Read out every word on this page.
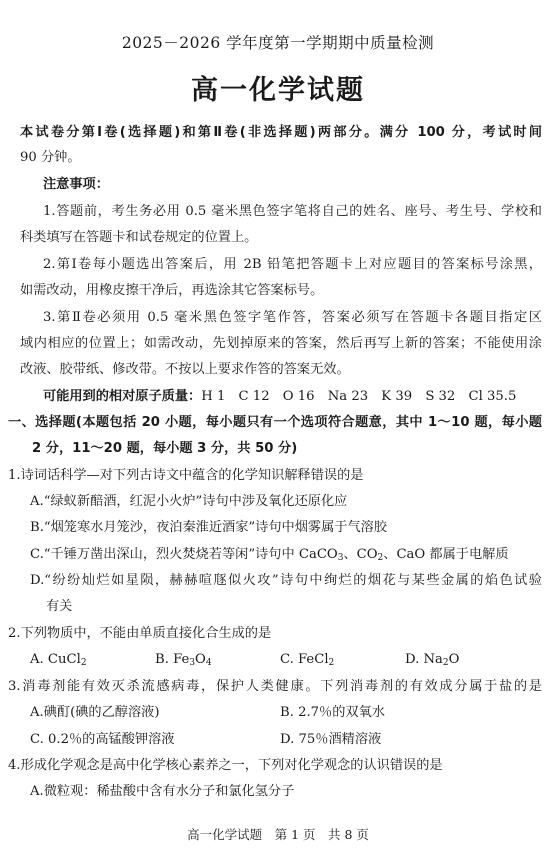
2025－2026 学年度第一学期期中质量检测
高一化学试题
本试卷分第Ⅰ卷(选择题)和第Ⅱ卷(非选择题)两部分。满分 100 分，考试时间
90 分钟。
注意事项：
1.答题前，考生务必用 0.5 毫米黑色签字笔将自己的姓名、座号、考生号、学校和
科类填写在答题卡和试卷规定的位置上。
2.第Ⅰ卷每小题选出答案后，用 2B 铅笔把答题卡上对应题目的答案标号涂黑，
如需改动，用橡皮擦干净后，再选涂其它答案标号。
3.第Ⅱ卷必须用 0.5 毫米黑色签字笔作答，答案必须写在答题卡各题目指定区
域内相应的位置上；如需改动，先划掉原来的答案，然后再写上新的答案；不能使用涂
改液、胶带纸、修改带。不按以上要求作答的答案无效。
可能用到的相对原子质量：H 1　C 12　O 16　Na 23　K 39　S 32　Cl 35.5
一、选择题(本题包括 20 小题，每小题只有一个选项符合题意，其中 1～10 题，每小题
2 分，11～20 题，每小题 3 分，共 50 分)
1.诗词话科学—对下列古诗文中蕴含的化学知识解释错误的是
A.“绿蚁新醅酒，红泥小火炉”诗句中涉及氧化还原化应
B.“烟笼寒水月笼沙，夜泊秦淮近酒家”诗句中烟雾属于气溶胶
C.“千锤万凿出深山，烈火焚烧若等闲”诗句中 CaCO$_3$、$CO_2$、CaO 都属于电解质
D.“纷纷灿烂如星陨，赫赫喧豗似火攻”诗句中绚烂的烟花与某些金属的焰色试验
有关
2.下列物质中，不能由单质直接化合生成的是
A. CuCl$_2$	B. $Fe_3O_4$	C. FeCl$_2$	D. $Na_2O$
3.消毒剂能有效灭杀流感病毒，保护人类健康。下列消毒剂的有效成分属于盐的是
A.碘酊(碘的乙醇溶液)	B. 2.7％的双氧水
C. 0.2％的高锰酸钾溶液	D. 75％酒精溶液
4.形成化学观念是高中化学核心素养之一，下列对化学观念的认识错误的是
A.微粒观：稀盐酸中含有水分子和氯化氢分子
高一化学试题　第 1 页　共 8 页
